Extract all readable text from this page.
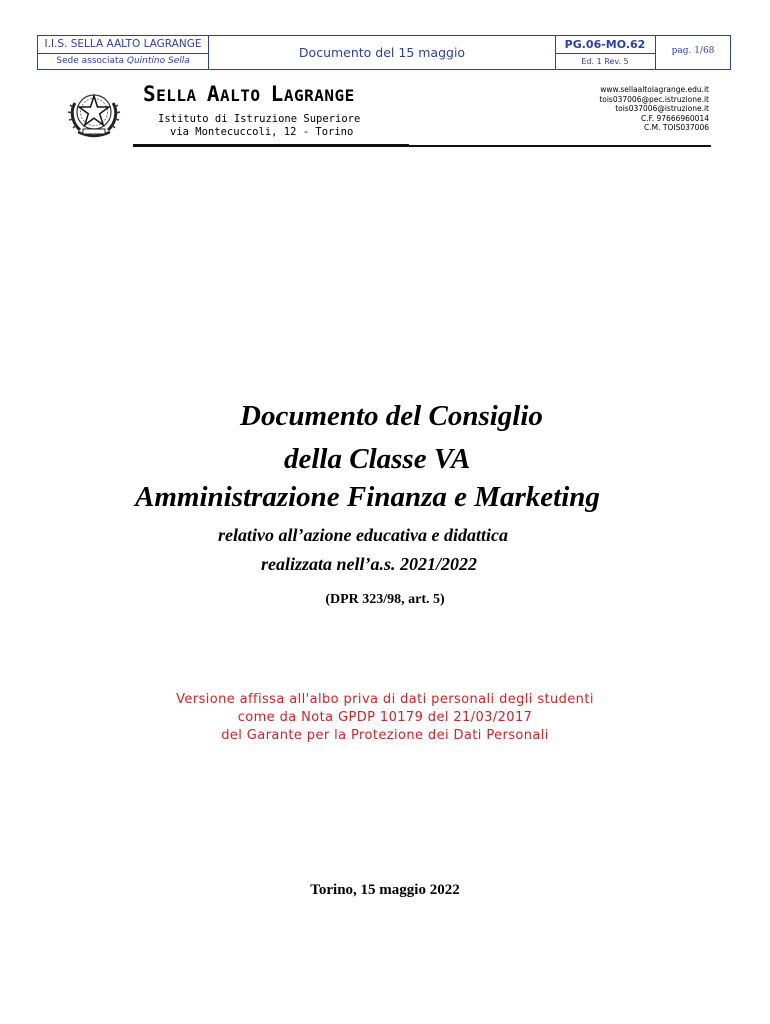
I.I.S. SELLA AALTO LAGRANGE
Sede associata Quintino Sella
Documento del 15 maggio
PG.06-MO.62
Ed. 1 Rev. 5
pag. 1/68
SELLA AALTO LAGRANGE
Istituto di Istruzione Superiore
via Montecuccoli, 12 - Torino
www.sellaaltolagrange.edu.it
tois037006@pec.istruzione.it
tois037006@istruzione.it
C.F. 97666960014
C.M. TOIS037006
Documento del Consiglio
della Classe VA
Amministrazione Finanza e Marketing
relativo all’azione educativa e didattica
realizzata nell’a.s. 2021/2022
(DPR 323/98, art. 5)
Versione affissa all'albo priva di dati personali degli studenti
come da Nota GPDP 10179 del 21/03/2017
del Garante per la Protezione dei Dati Personali
Torino, 15 maggio 2022
